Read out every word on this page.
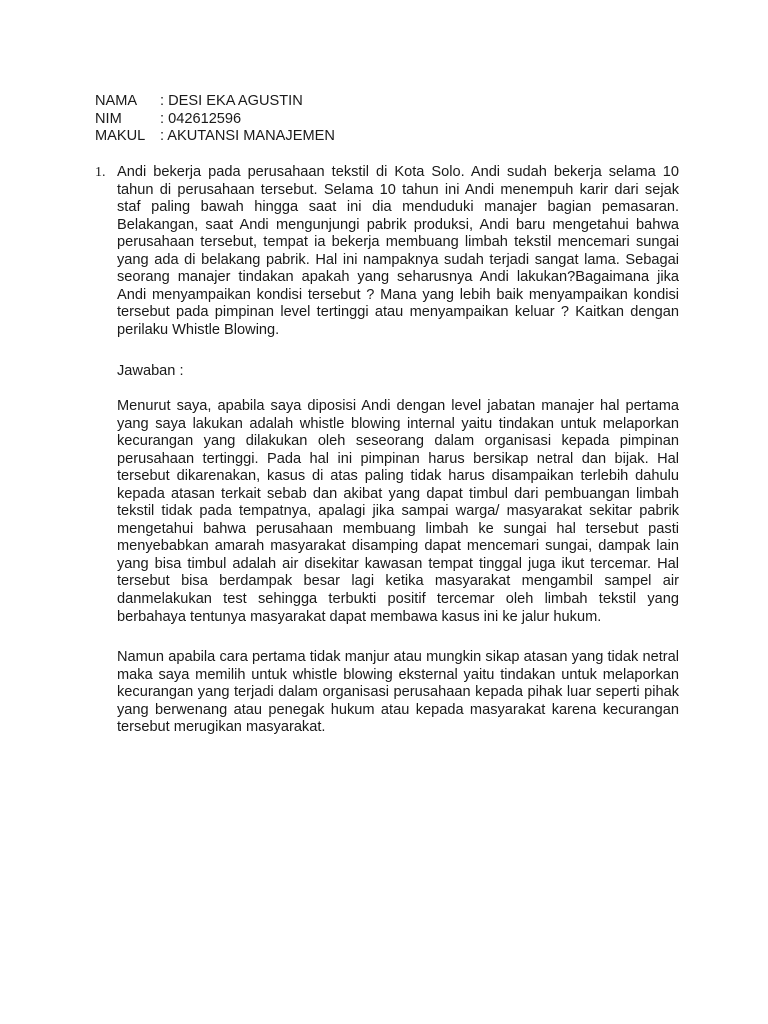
NAMA	: DESI EKA AGUSTIN
NIM	: 042612596
MAKUL	: AKUTANSI MANAJEMEN
1. Andi bekerja pada perusahaan tekstil di Kota Solo. Andi sudah bekerja selama 10 tahun di perusahaan tersebut. Selama 10 tahun ini Andi menempuh karir dari sejak staf paling bawah hingga saat ini dia menduduki manajer bagian pemasaran. Belakangan, saat Andi mengunjungi pabrik produksi, Andi baru mengetahui bahwa perusahaan tersebut, tempat ia bekerja membuang limbah tekstil mencemari sungai yang ada di belakang pabrik. Hal ini nampaknya sudah terjadi sangat lama. Sebagai seorang manajer tindakan apakah yang seharusnya Andi lakukan?Bagaimana jika Andi menyampaikan kondisi tersebut ? Mana yang lebih baik menyampaikan kondisi tersebut pada pimpinan level tertinggi atau menyampaikan keluar ? Kaitkan dengan perilaku Whistle Blowing.

Jawaban :

Menurut saya, apabila saya diposisi Andi dengan level jabatan manajer hal pertama yang saya lakukan adalah whistle blowing internal yaitu tindakan untuk melaporkan kecurangan yang dilakukan oleh seseorang dalam organisasi kepada pimpinan perusahaan tertinggi. Pada hal ini pimpinan harus bersikap netral dan bijak. Hal tersebut dikarenakan, kasus di atas paling tidak harus disampaikan terlebih dahulu kepada atasan terkait sebab dan akibat yang dapat timbul dari pembuangan limbah tekstil tidak pada tempatnya, apalagi jika sampai warga/ masyarakat sekitar pabrik mengetahui bahwa perusahaan membuang limbah ke sungai hal tersebut pasti menyebabkan amarah masyarakat disamping dapat mencemari sungai, dampak lain yang bisa timbul adalah air disekitar kawasan tempat tinggal juga ikut tercemar. Hal tersebut bisa berdampak besar lagi ketika masyarakat mengambil sampel air danmelakukan test sehingga terbukti positif tercemar oleh limbah tekstil yang berbahaya tentunya masyarakat dapat membawa kasus ini ke jalur hukum.

Namun apabila cara pertama tidak manjur atau mungkin sikap atasan yang tidak netral maka saya memilih untuk whistle blowing eksternal yaitu tindakan untuk melaporkan kecurangan yang terjadi dalam organisasi perusahaan kepada pihak luar seperti pihak yang berwenang atau penegak hukum atau kepada masyarakat karena kecurangan tersebut merugikan masyarakat.
